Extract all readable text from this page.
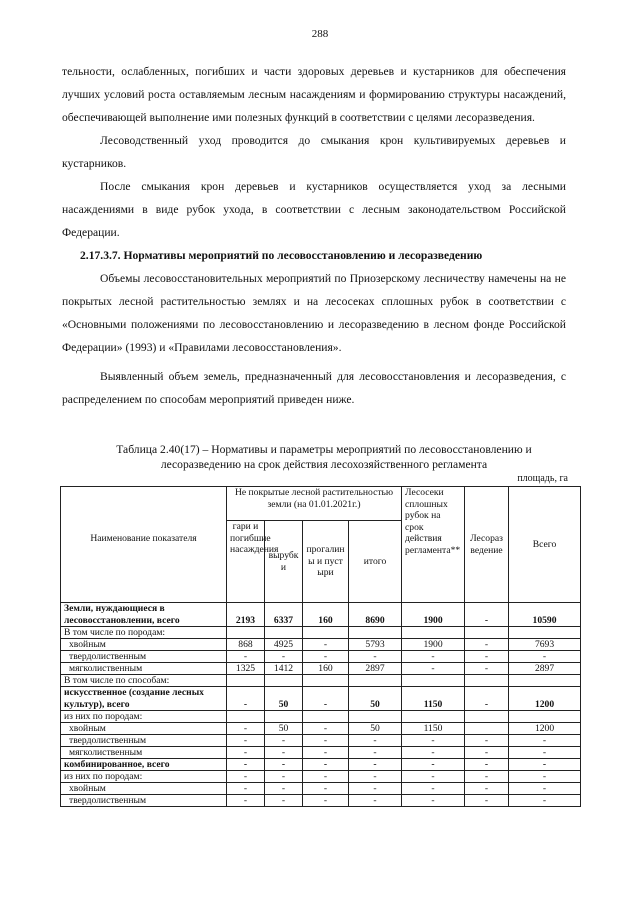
288

тельности, ослабленных, погибших и части здоровых деревьев и кустарников для обеспечения лучших условий роста оставляемым лесным насаждениям и формированию структуры насаждений, обеспечивающей выполнение ими полезных функций в соответствии с целями лесоразведения.

Лесоводственный уход проводится до смыкания крон культивируемых деревьев и кустарников.

После смыкания крон деревьев и кустарников осуществляется уход за лесными насаждениями в виде рубок ухода, в соответствии с лесным законодательством Российской Федерации.

2.17.3.7. Нормативы мероприятий по лесовосстановлению и лесоразведению

Объемы лесовосстановительных мероприятий по Приозерскому лесничеству намечены на не покрытых лесной растительностью землях и на лесосеках сплошных рубок в соответствии с «Основными положениями по лесовосстановлению и лесоразведению в лесном фонде Российской Федерации» (1993) и «Правилами лесовосстановления».

Выявленный объем земель, предназначенный для лесовосстановления и лесоразведения, с распределением по способам мероприятий приведен ниже.

Таблица 2.40(17) – Нормативы и параметры мероприятий по лесовосстановлению и
лесоразведению на срок действия лесохозяйственного регламента
площадь, га
Наименование показателя	Не покрытые лесной растительностью земли (на 01.01.2021г.)				Лесосеки сплошных рубок на срок действия регламента**	Лесоразведение	Всего
	гари и погибшие насаждения	вырубки	прогалины и пустыри	итого			
Земли, нуждающиеся в лесовосстановлении, всего	2193	6337	160	8690	1900	-	10590
В том числе по породам:							
хвойным	868	4925	-	5793	1900	-	7693
твердолиственным	-	-	-	-	-	-	-
мягколиственным	1325	1412	160	2897	-	-	2897
В том числе по способам:							
искусственное (создание лесных культур), всего	-	50	-	50	1150	-	1200
из них по породам:							
хвойным	-	50	-	50	1150		1200
твердолиственным	-	-	-	-	-	-	-
мягколиственным	-	-	-	-	-	-	-
комбинированное, всего	-	-	-	-	-	-	-
из них по породам:	-	-	-	-	-	-	-
хвойным	-	-	-	-	-	-	-
твердолиственным	-	-	-	-	-	-	-
